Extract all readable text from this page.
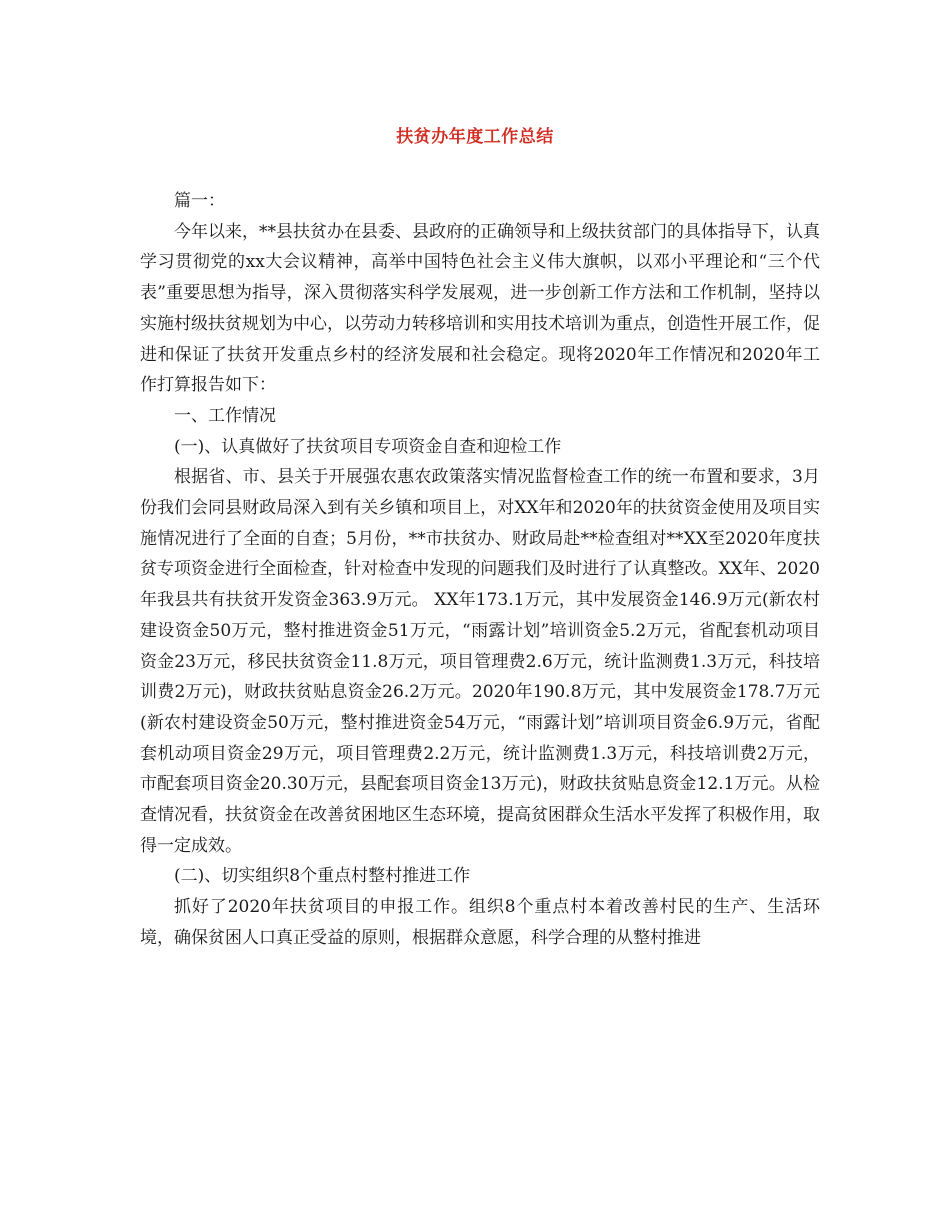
扶贫办年度工作总结

篇一：

今年以来，**县扶贫办在县委、县政府的正确领导和上级扶贫部门的具体指导下，认真学习贯彻党的xx大会议精神，高举中国特色社会主义伟大旗帜，以邓小平理论和“三个代表”重要思想为指导，深入贯彻落实科学发展观，进一步创新工作方法和工作机制，坚持以实施村级扶贫规划为中心，以劳动力转移培训和实用技术培训为重点，创造性开展工作，促进和保证了扶贫开发重点乡村的经济发展和社会稳定。现将2020年工作情况和2020年工作打算报告如下：

一、工作情况

(一)、认真做好了扶贫项目专项资金自查和迎检工作

根据省、市、县关于开展强农惠农政策落实情况监督检查工作的统一布置和要求，3月份我们会同县财政局深入到有关乡镇和项目上，对XX年和2020年的扶贫资金使用及项目实施情况进行了全面的自查；5月份，**市扶贫办、财政局赴**检查组对**XX至2020年度扶贫专项资金进行全面检查，针对检查中发现的问题我们及时进行了认真整改。XX年、2020年我县共有扶贫开发资金363.9万元。 XX年173.1万元，其中发展资金146.9万元(新农村建设资金50万元，整村推进资金51万元，“雨露计划”培训资金5.2万元，省配套机动项目资金23万元，移民扶贫资金11.8万元，项目管理费2.6万元，统计监测费1.3万元，科技培训费2万元)，财政扶贫贴息资金26.2万元。2020年190.8万元，其中发展资金178.7万元(新农村建设资金50万元，整村推进资金54万元，“雨露计划”培训项目资金6.9万元，省配套机动项目资金29万元，项目管理费2.2万元，统计监测费1.3万元，科技培训费2万元，市配套项目资金20.30万元，县配套项目资金13万元)，财政扶贫贴息资金12.1万元。从检查情况看，扶贫资金在改善贫困地区生态环境，提高贫困群众生活水平发挥了积极作用，取得一定成效。

(二)、切实组织8个重点村整村推进工作

抓好了2020年扶贫项目的申报工作。组织8个重点村本着改善村民的生产、生活环境，确保贫困人口真正受益的原则，根据群众意愿，科学合理的从整村推进
